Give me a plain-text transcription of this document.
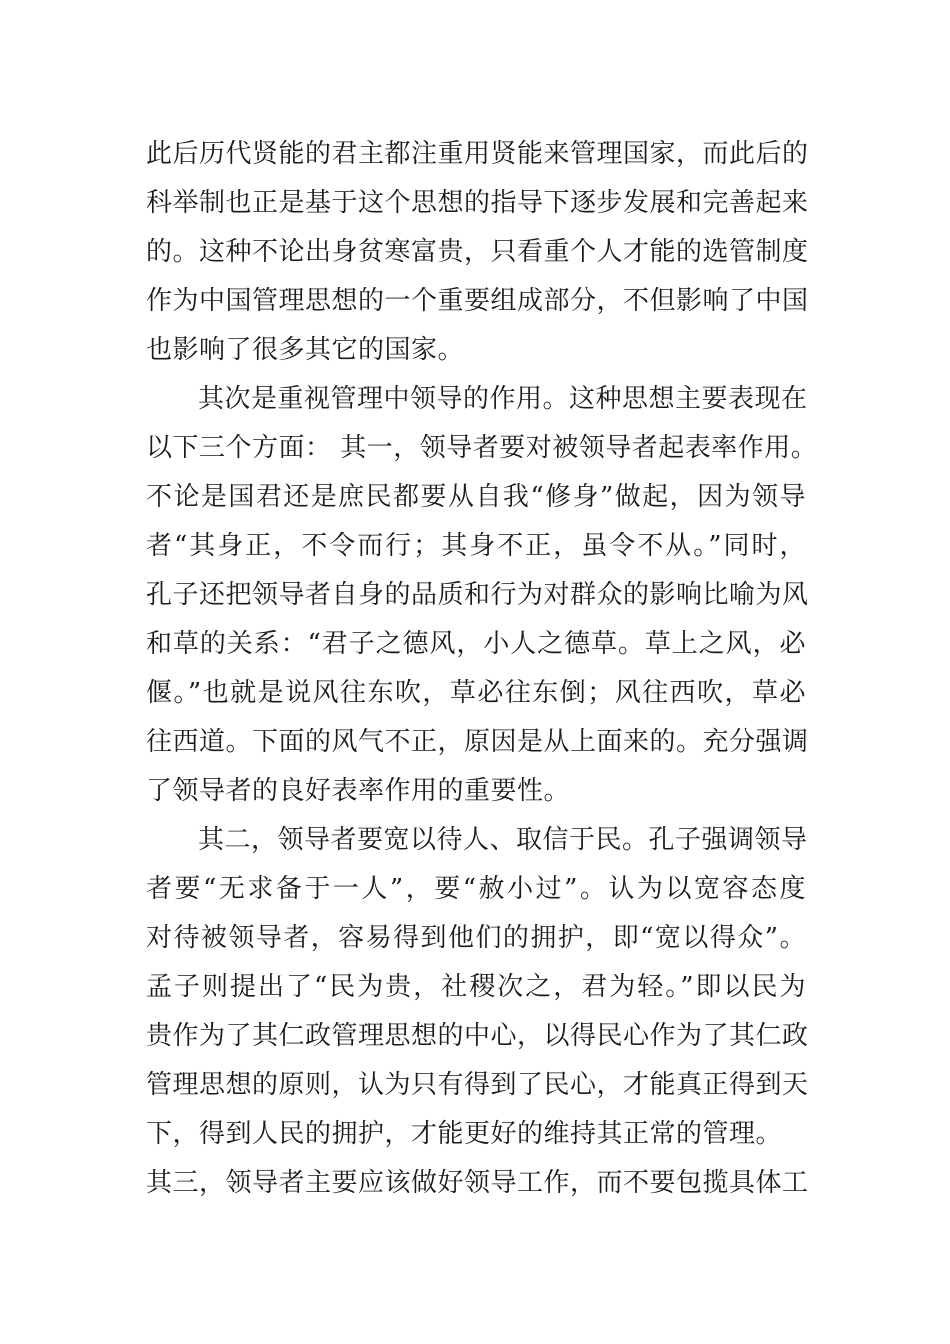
此后历代贤能的君主都注重用贤能来管理国家，而此后的
科举制也正是基于这个思想的指导下逐步发展和完善起来
的。这种不论出身贫寒富贵，只看重个人才能的选管制度
作为中国管理思想的一个重要组成部分，不但影响了中国
也影响了很多其它的国家。
其次是重视管理中领导的作用。这种思想主要表现在
以下三个方面： 其一，领导者要对被领导者起表率作用。
不论是国君还是庶民都要从自我“修身”做起，因为领导
者“其身正，不令而行；其身不正，虽令不从。”同时，
孔子还把领导者自身的品质和行为对群众的影响比喻为风
和草的关系：“君子之德风，小人之德草。草上之风，必
偃。”也就是说风往东吹，草必往东倒；风往西吹，草必
往西道。下面的风气不正，原因是从上面来的。充分强调
了领导者的良好表率作用的重要性。
其二，领导者要宽以待人、取信于民。孔子强调领导
者要“无求备于一人”，要“赦小过”。认为以宽容态度
对待被领导者，容易得到他们的拥护，即“宽以得众”。
孟子则提出了“民为贵，社稷次之，君为轻。”即以民为
贵作为了其仁政管理思想的中心，以得民心作为了其仁政
管理思想的原则，认为只有得到了民心，才能真正得到天
下，得到人民的拥护，才能更好的维持其正常的管理。
其三，领导者主要应该做好领导工作，而不要包揽具体工
